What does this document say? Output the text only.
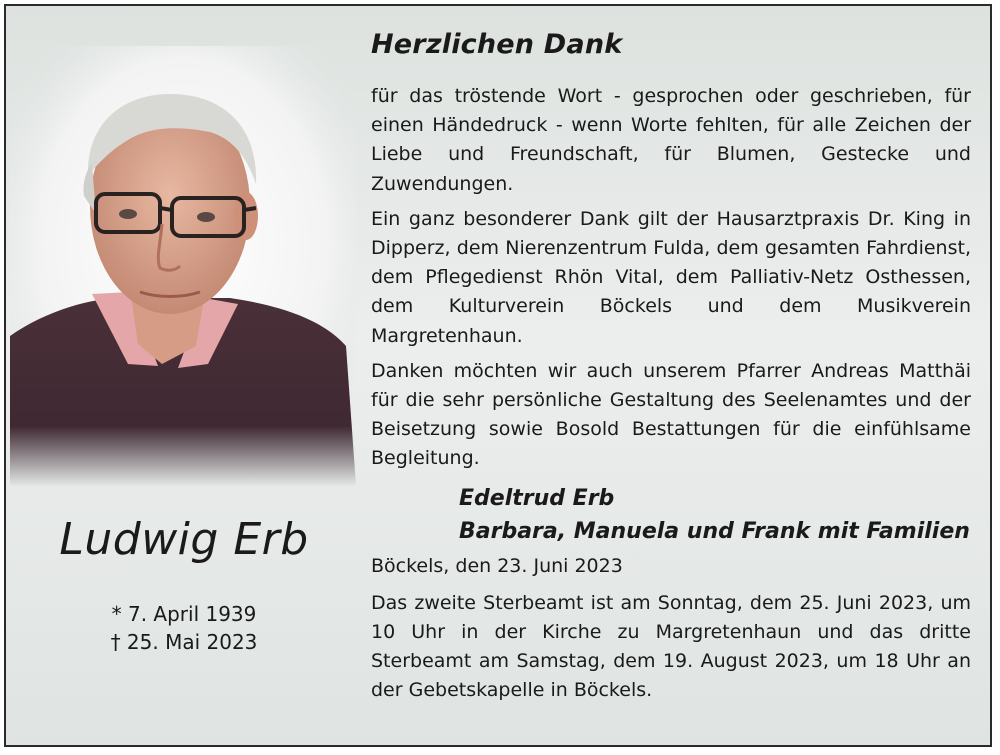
Ludwig Erb
* 7. April 1939
† 25. Mai 2023
Herzlichen Dank

für das tröstende Wort - gesprochen oder geschrieben, für einen Händedruck - wenn Worte fehlten, für alle Zeichen der Liebe und Freundschaft, für Blumen, Gestecke und Zuwendungen.

Ein ganz besonderer Dank gilt der Hausarztpraxis Dr. King in Dipperz, dem Nierenzentrum Fulda, dem gesamten Fahrdienst, dem Pflegedienst Rhön Vital, dem Palliativ-Netz Osthessen, dem Kulturverein Böckels und dem Musikverein Margretenhaun.

Danken möchten wir auch unserem Pfarrer Andreas Matthäi für die sehr persönliche Gestaltung des Seelenamtes und der Beisetzung sowie Bosold Bestattungen für die einfühlsame Begleitung.

Edeltrud Erb
Barbara, Manuela und Frank mit Familien
Böckels, den 23. Juni 2023
Das zweite Sterbeamt ist am Sonntag, dem 25. Juni 2023, um 10 Uhr in der Kirche zu Margretenhaun und das dritte Sterbeamt am Samstag, dem 19. August 2023, um 18 Uhr an der Gebetskapelle in Böckels.
